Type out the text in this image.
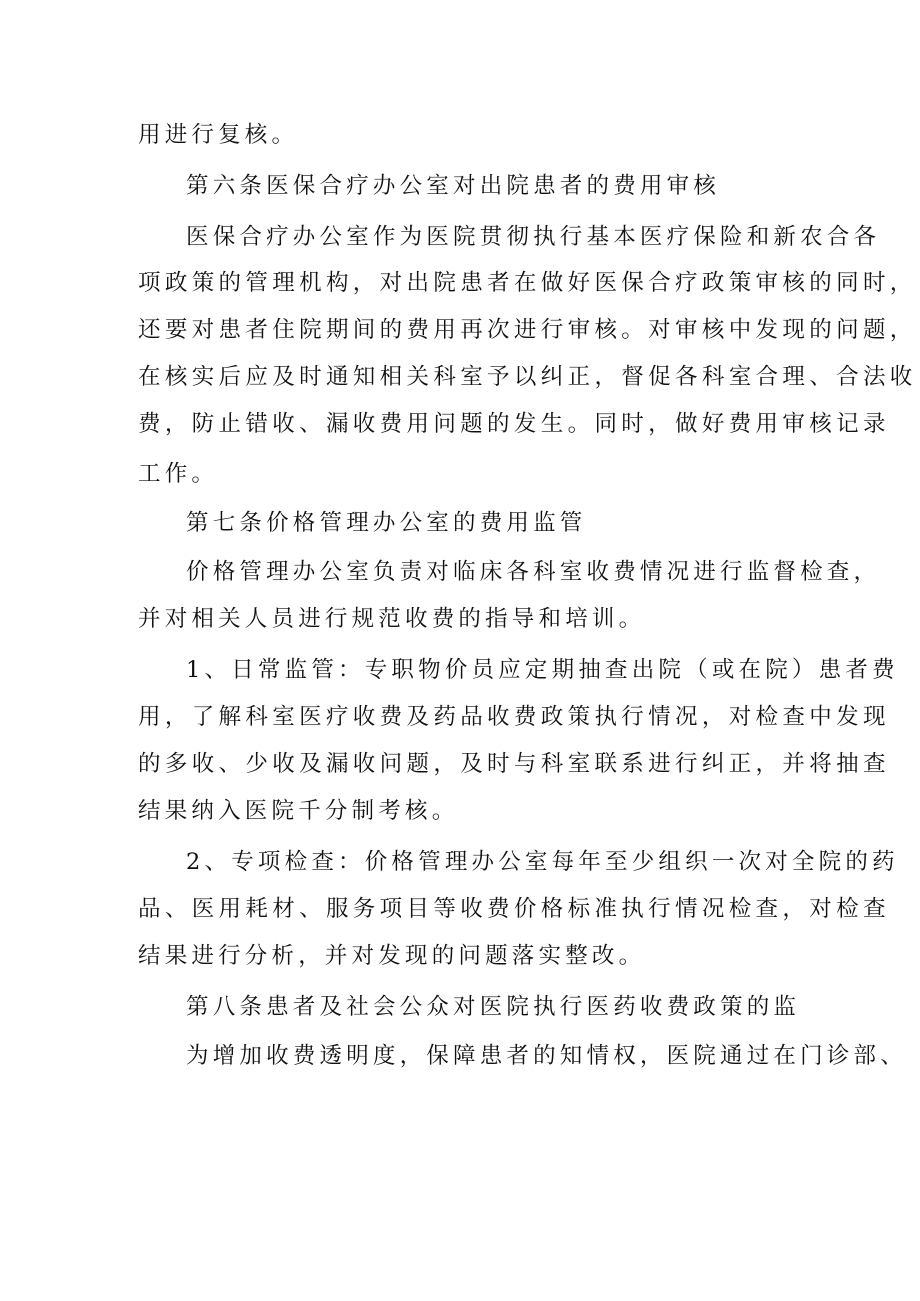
用进行复核。
第六条医保合疗办公室对出院患者的费用审核
医保合疗办公室作为医院贯彻执行基本医疗保险和新农合各
项政策的管理机构，对出院患者在做好医保合疗政策审核的同时，
还要对患者住院期间的费用再次进行审核。对审核中发现的问题，
在核实后应及时通知相关科室予以纠正，督促各科室合理、合法收
费，防止错收、漏收费用问题的发生。同时，做好费用审核记录
工作。
第七条价格管理办公室的费用监管
价格管理办公室负责对临床各科室收费情况进行监督检查，
并对相关人员进行规范收费的指导和培训。
1、日常监管：专职物价员应定期抽查出院（或在院）患者费
用，了解科室医疗收费及药品收费政策执行情况，对检查中发现
的多收、少收及漏收问题，及时与科室联系进行纠正，并将抽查
结果纳入医院千分制考核。
2、专项检查：价格管理办公室每年至少组织一次对全院的药
品、医用耗材、服务项目等收费价格标准执行情况检查，对检查
结果进行分析，并对发现的问题落实整改。
第八条患者及社会公众对医院执行医药收费政策的监
为增加收费透明度，保障患者的知情权，医院通过在门诊部、
